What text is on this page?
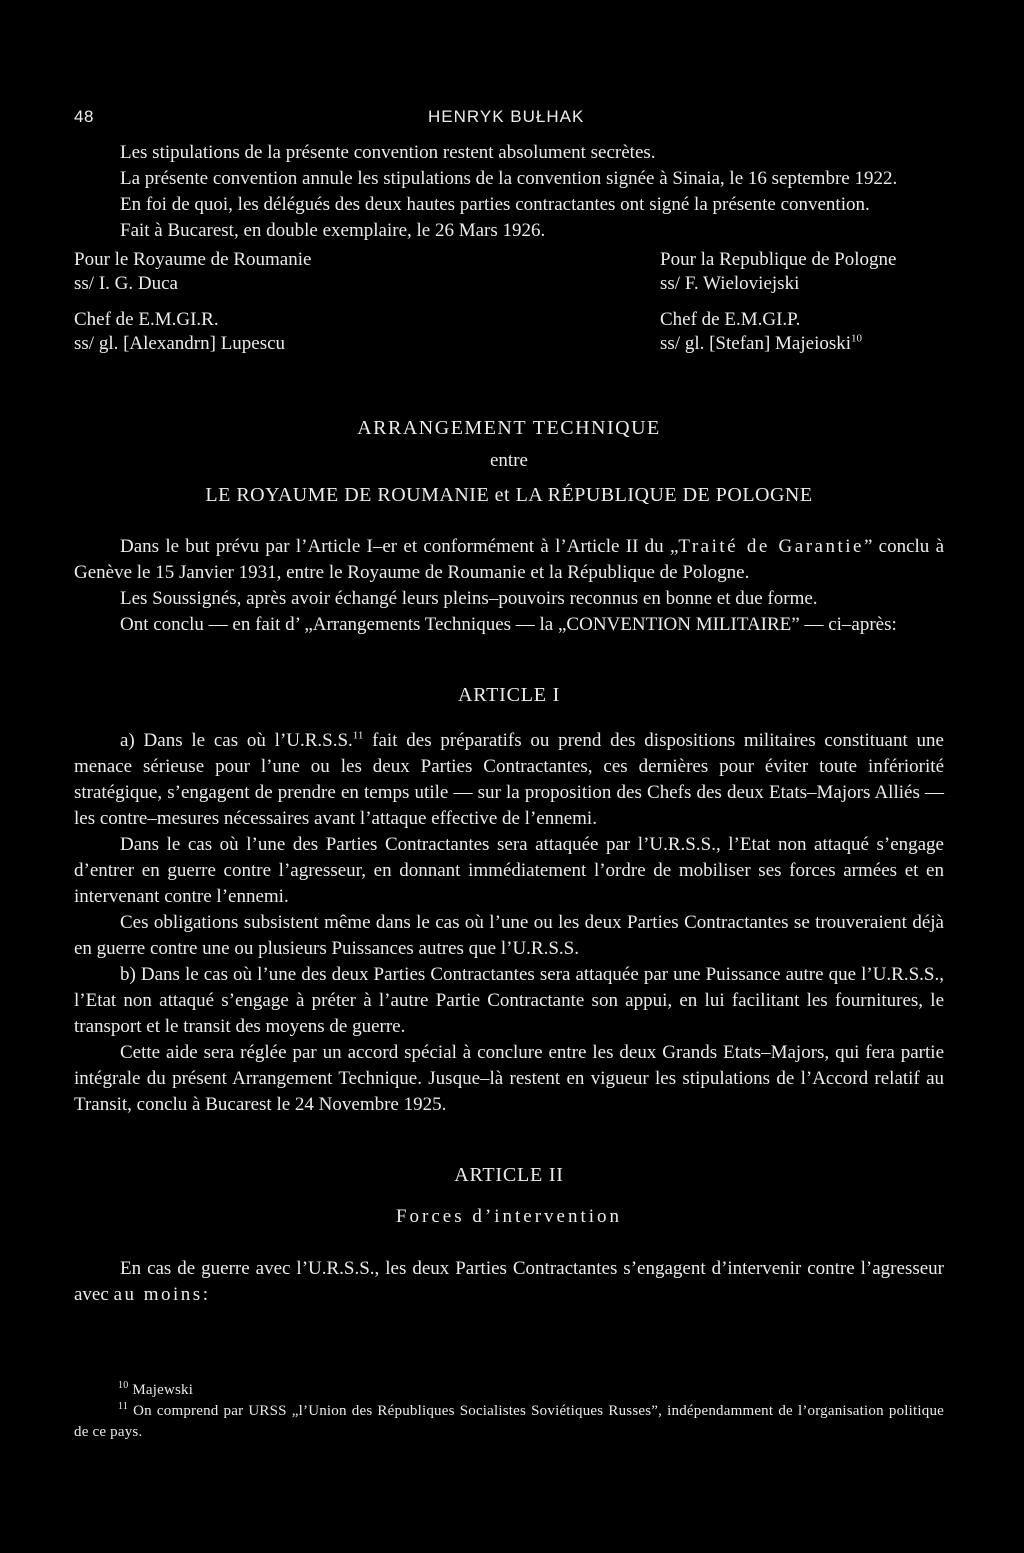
48	HENRYK BUŁHAK

Les stipulations de la présente convention restent absolument secrètes.

La présente convention annule les stipulations de la convention signée à Sinaia, le 16 septembre 1922.

En foi de quoi, les délégués des deux hautes parties contractantes ont signé la présente convention.

Fait à Bucarest, en double exemplaire, le 26 Mars 1926.

Pour le Royaume de Roumanie
ss/ I. G. Duca
Chef de E.M.GI.R.
ss/ gl. [Alexandrn] Lupescu
Pour la Republique de Pologne
ss/ F. Wieloviejski
Chef de E.M.GI.P.
ss/ gl. [Stefan] Majeioski$^{10}$
ARRANGEMENT TECHNIQUE
entre
LE ROYAUME DE ROUMANIE et LA RÉPUBLIQUE DE POLOGNE

Dans le but prévu par l’Article I–er et conformément à l’Article II du „Traité de Garantie” conclu à Genève le 15 Janvier 1931, entre le Royaume de Roumanie et la République de Pologne.

Les Soussignés, après avoir échangé leurs pleins–pouvoirs reconnus en bonne et due forme.

Ont conclu — en fait d’ „Arrangements Techniques — la „CONVENTION MILITAIRE” — ci–après:

ARTICLE I

a) Dans le cas où l’U.R.S.S.$^{11}$ fait des préparatifs ou prend des dispositions militaires constituant une menace sérieuse pour l’une ou les deux Parties Contractantes, ces dernières pour éviter toute infériorité stratégique, s’engagent de prendre en temps utile — sur la proposition des Chefs des deux Etats–Majors Alliés — les contre–mesures nécessaires avant l’attaque effective de l’ennemi.

Dans le cas où l’une des Parties Contractantes sera attaquée par l’U.R.S.S., l’Etat non attaqué s’engage d’entrer en guerre contre l’agresseur, en donnant immédiatement l’ordre de mobiliser ses forces armées et en intervenant contre l’ennemi.

Ces obligations subsistent même dans le cas où l’une ou les deux Parties Contractantes se trouveraient déjà en guerre contre une ou plusieurs Puissances autres que l’U.R.S.S.

b) Dans le cas où l’une des deux Parties Contractantes sera attaquée par une Puissance autre que l’U.R.S.S., l’Etat non attaqué s’engage à préter à l’autre Partie Contractante son appui, en lui facilitant les fournitures, le transport et le transit des moyens de guerre.

Cette aide sera réglée par un accord spécial à conclure entre les deux Grands Etats–Majors, qui fera partie intégrale du présent Arrangement Technique. Jusque–là restent en vigueur les stipulations de l’Accord relatif au Transit, conclu à Bucarest le 24 Novembre 1925.

ARTICLE II
Forces d’intervention

En cas de guerre avec l’U.R.S.S., les deux Parties Contractantes s’engagent d’intervenir contre l’agresseur avec au moins:

$^{10}$ Majewski
$^{11}$ On comprend par URSS „l’Union des Républiques Socialistes Soviétiques Russes”, indépendamment de l’organisation politique de ce pays.
